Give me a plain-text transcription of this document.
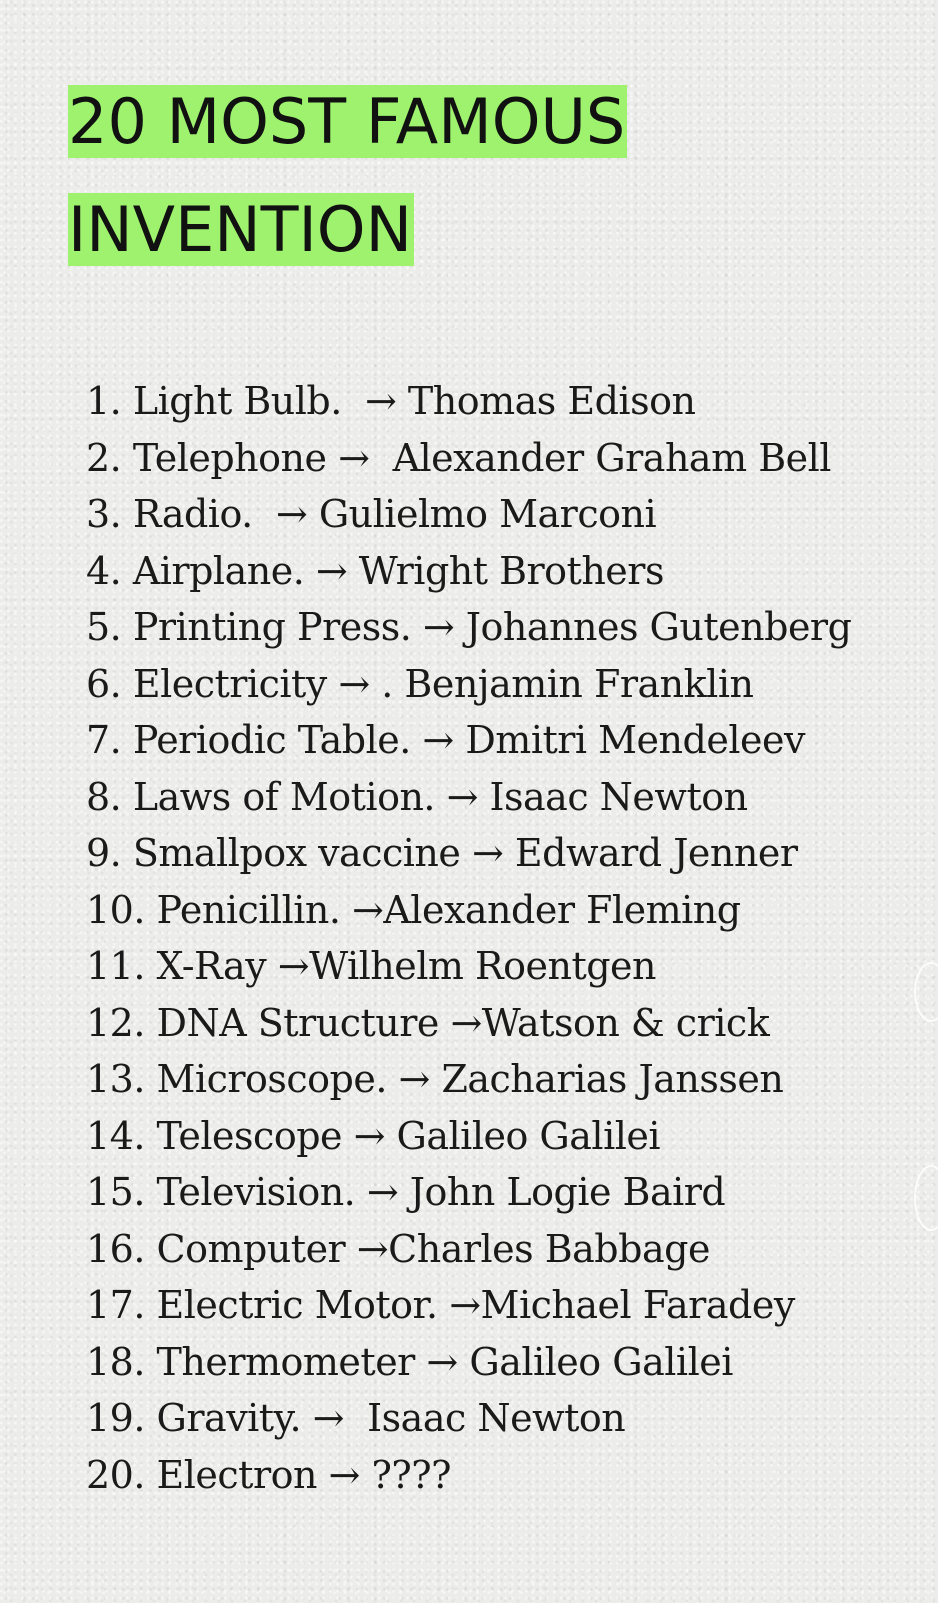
20 MOST FAMOUS
INVENTION
1. Light Bulb.  → Thomas Edison
2. Telephone →  Alexander Graham Bell
3. Radio.  → Gulielmo Marconi
4. Airplane. → Wright Brothers
5. Printing Press. → Johannes Gutenberg
6. Electricity → . Benjamin Franklin
7. Periodic Table. → Dmitri Mendeleev
8. Laws of Motion. → Isaac Newton
9. Smallpox vaccine → Edward Jenner
10. Penicillin. →Alexander Fleming
11. X-Ray →Wilhelm Roentgen
12. DNA Structure →Watson & crick
13. Microscope. → Zacharias Janssen
14. Telescope → Galileo Galilei
15. Television. → John Logie Baird
16. Computer →Charles Babbage
17. Electric Motor. →Michael Faradey
18. Thermometer → Galileo Galilei
19. Gravity. →  Isaac Newton
20. Electron → ????
